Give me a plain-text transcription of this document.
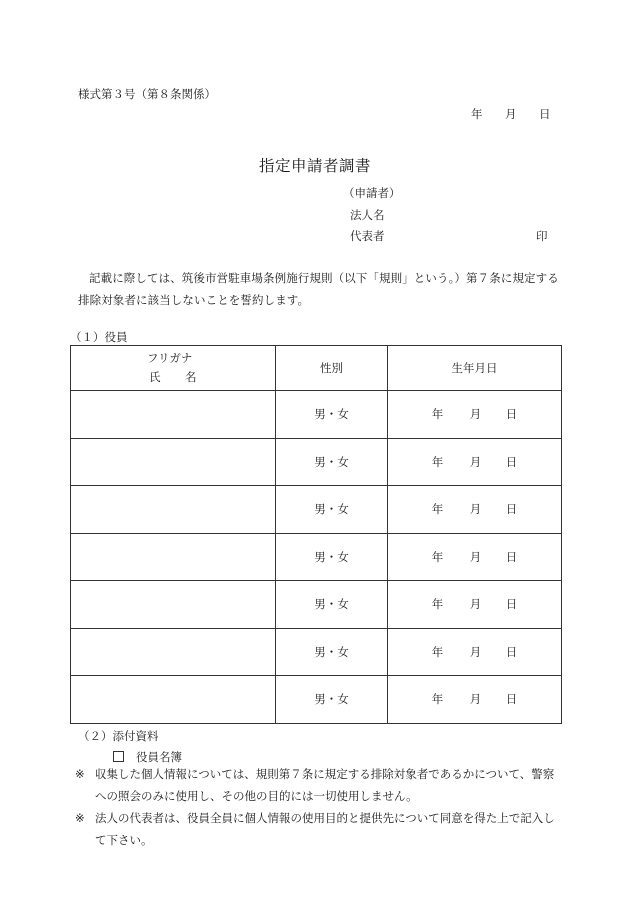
様式第３号（第８条関係）
年 月 日
指定申請者調書
（申請者）
法人名
代表者	印
記載に際しては、筑後市営駐車場条例施行規則（以下「規則」という。）第７条に規定する排除対象者に該当しないことを誓約します。
（１）役員
フリガナ
氏 名	性別	生年月日
	男・女	年 月 日
	男・女	年 月 日
	男・女	年 月 日
	男・女	年 月 日
	男・女	年 月 日
	男・女	年 月 日
	男・女	年 月 日
（２）添付資料
役員名簿
※ 収集した個人情報については、規則第７条に規定する排除対象者であるかについて、警察への照会のみに使用し、その他の目的には一切使用しません。
※ 法人の代表者は、役員全員に個人情報の使用目的と提供先について同意を得た上で記入して下さい。
